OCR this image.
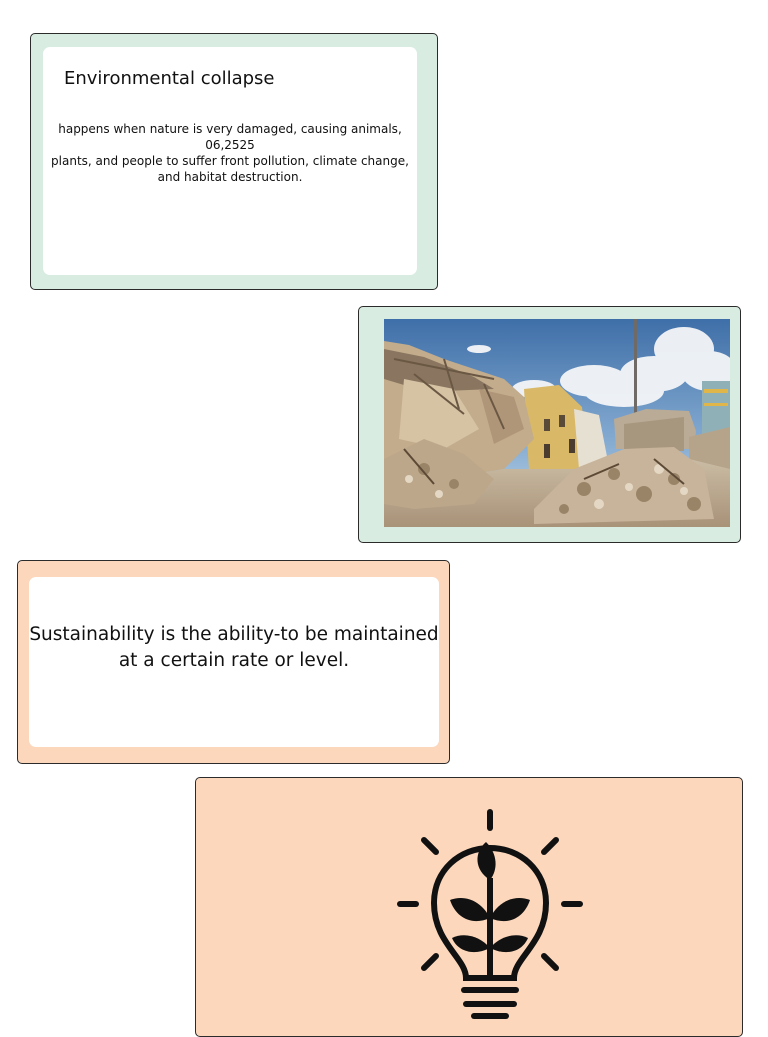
Environmental collapse

happens when nature is very damaged, causing animals,
06,2525
plants, and people to suffer front pollution, climate change,
and habitat destruction.

Sustainability is the ability-to be maintained
at a certain rate or level.
